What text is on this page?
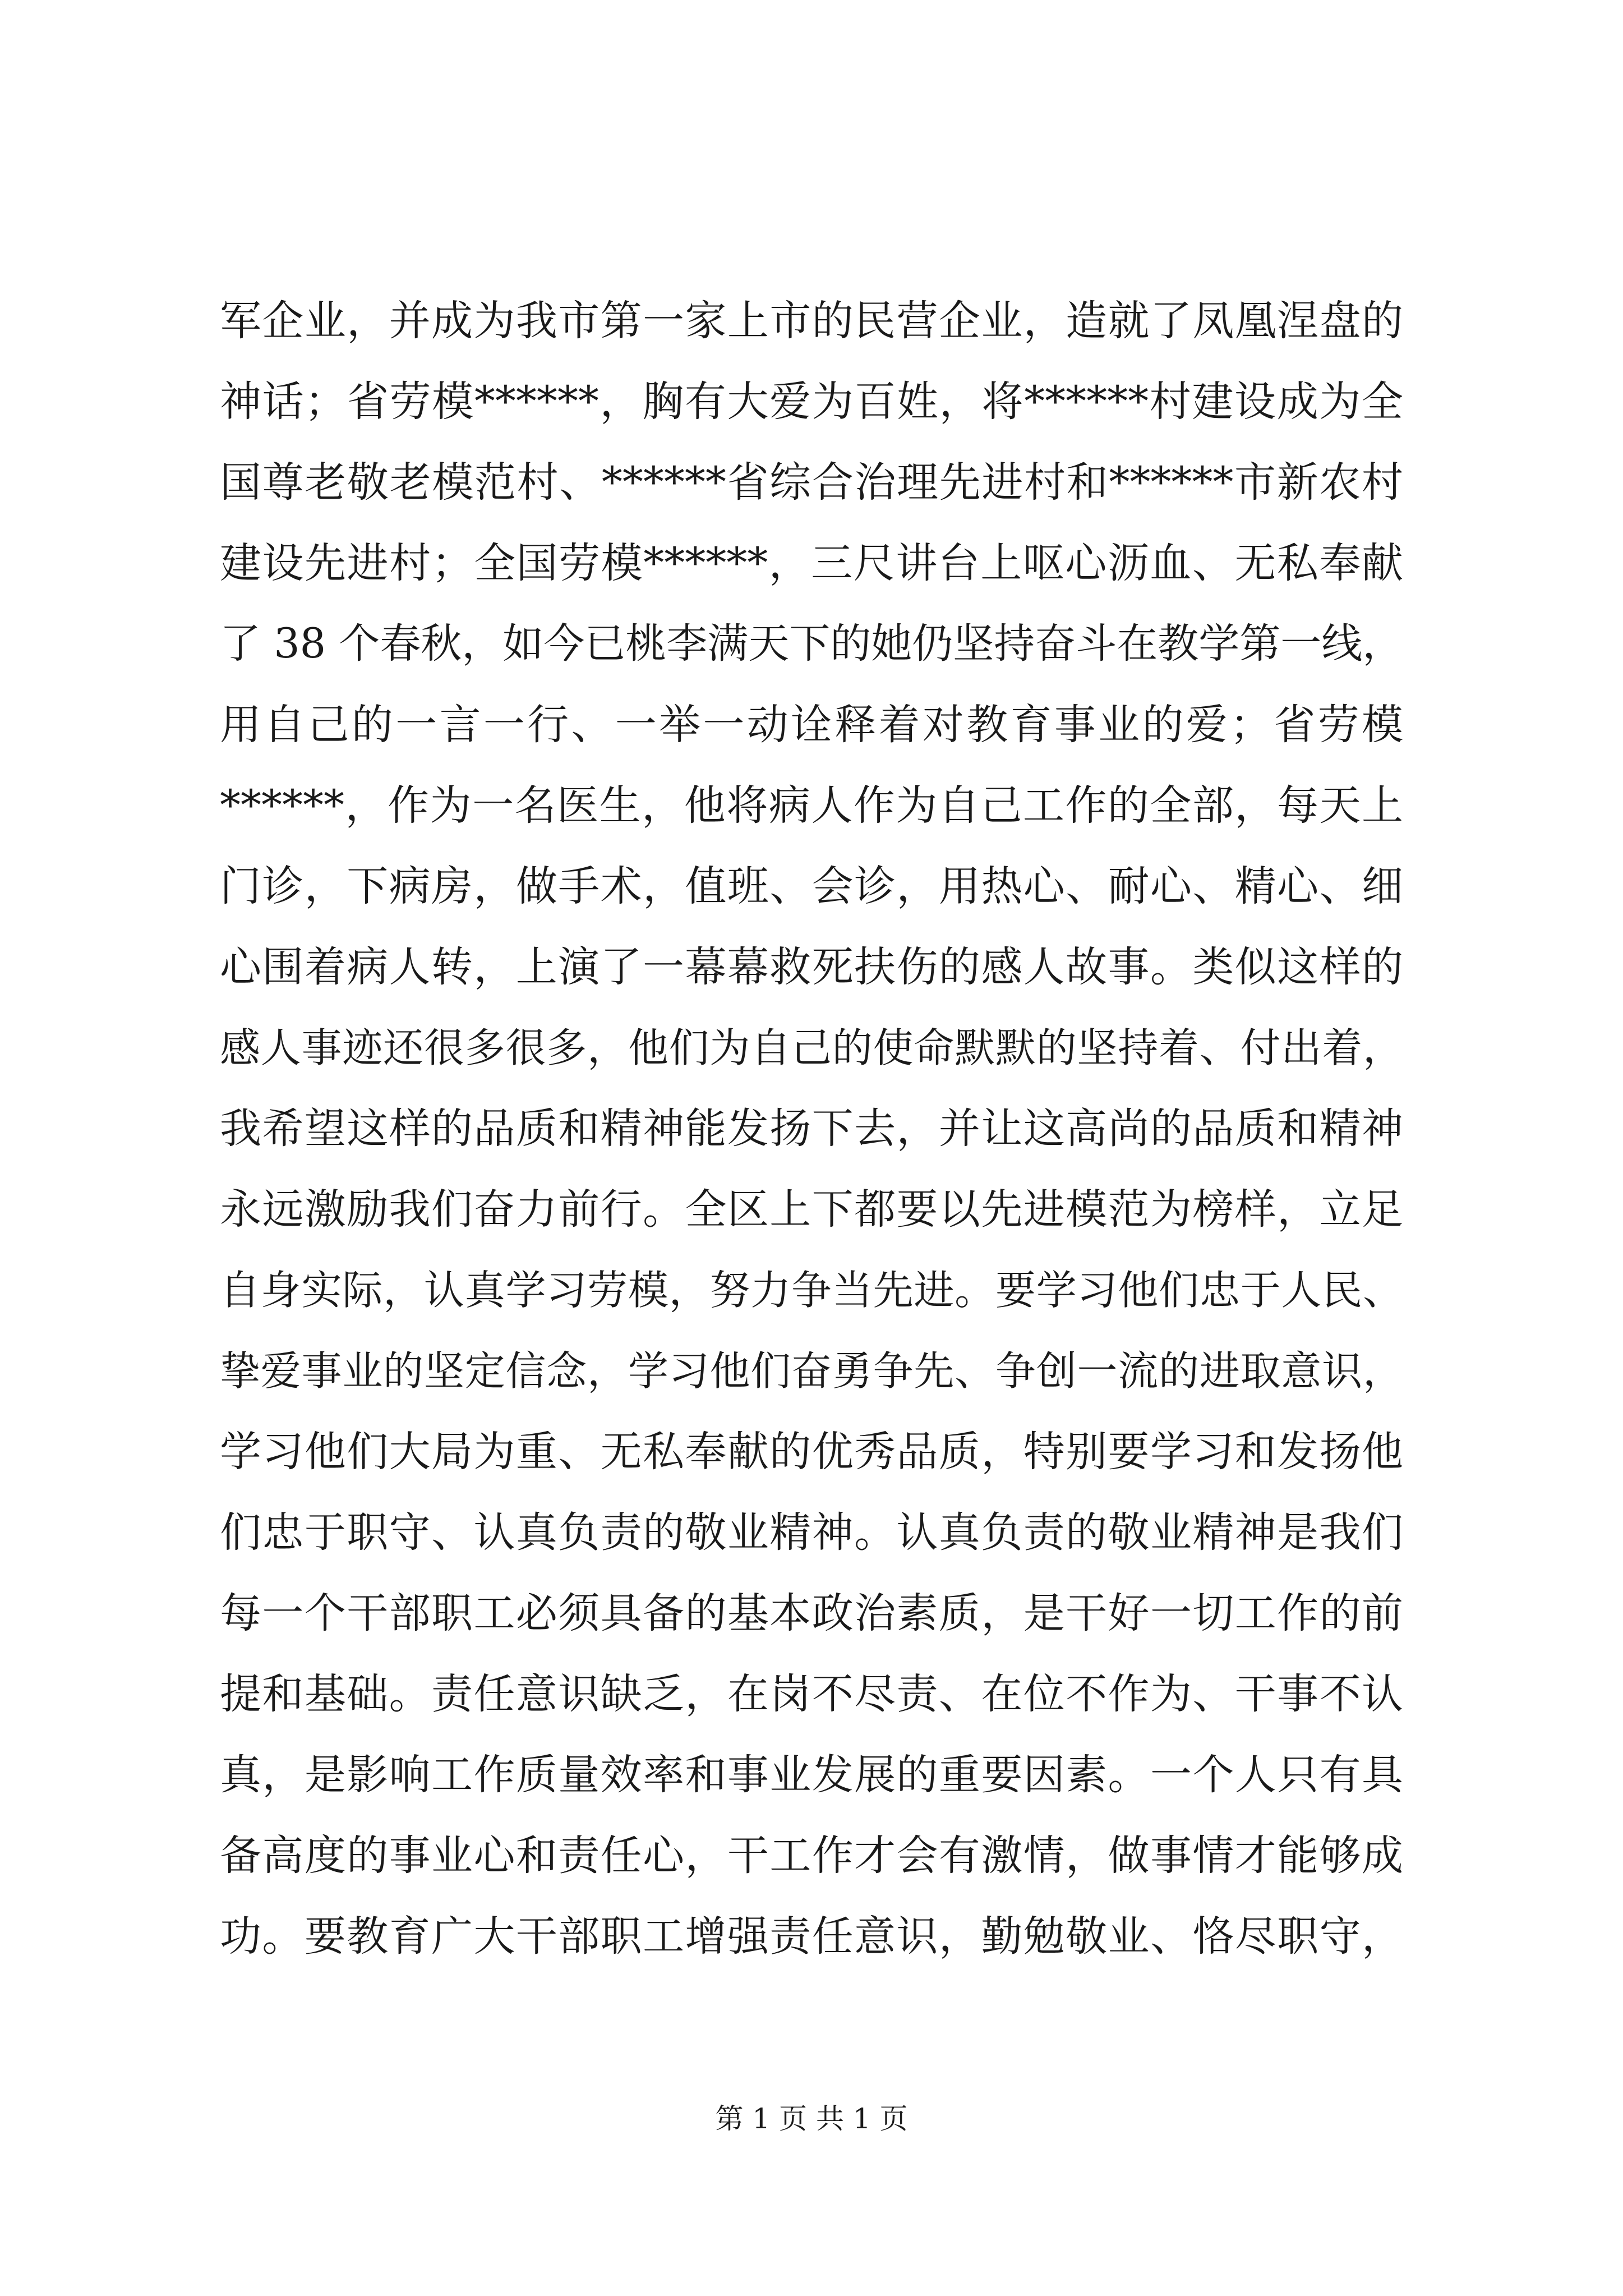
军企业，并成为我市第一家上市的民营企业，造就了凤凰涅盘的
神话；省劳模******，胸有大爱为百姓，将******村建设成为全
国尊老敬老模范村、******省综合治理先进村和******市新农村
建设先进村；全国劳模******，三尺讲台上呕心沥血、无私奉献
了 38 个春秋，如今已桃李满天下的她仍坚持奋斗在教学第一线，
用自己的一言一行、一举一动诠释着对教育事业的爱；省劳模
******，作为一名医生，他将病人作为自己工作的全部，每天上
门诊，下病房，做手术，值班、会诊，用热心、耐心、精心、细
心围着病人转，上演了一幕幕救死扶伤的感人故事。类似这样的
感人事迹还很多很多，他们为自己的使命默默的坚持着、付出着，
我希望这样的品质和精神能发扬下去，并让这高尚的品质和精神
永远激励我们奋力前行。全区上下都要以先进模范为榜样，立足
自身实际，认真学习劳模，努力争当先进。要学习他们忠于人民、
挚爱事业的坚定信念，学习他们奋勇争先、争创一流的进取意识，
学习他们大局为重、无私奉献的优秀品质，特别要学习和发扬他
们忠于职守、认真负责的敬业精神。认真负责的敬业精神是我们
每一个干部职工必须具备的基本政治素质，是干好一切工作的前
提和基础。责任意识缺乏，在岗不尽责、在位不作为、干事不认
真，是影响工作质量效率和事业发展的重要因素。一个人只有具
备高度的事业心和责任心，干工作才会有激情，做事情才能够成
功。要教育广大干部职工增强责任意识，勤勉敬业、恪尽职守，
第 1 页 共 1 页
